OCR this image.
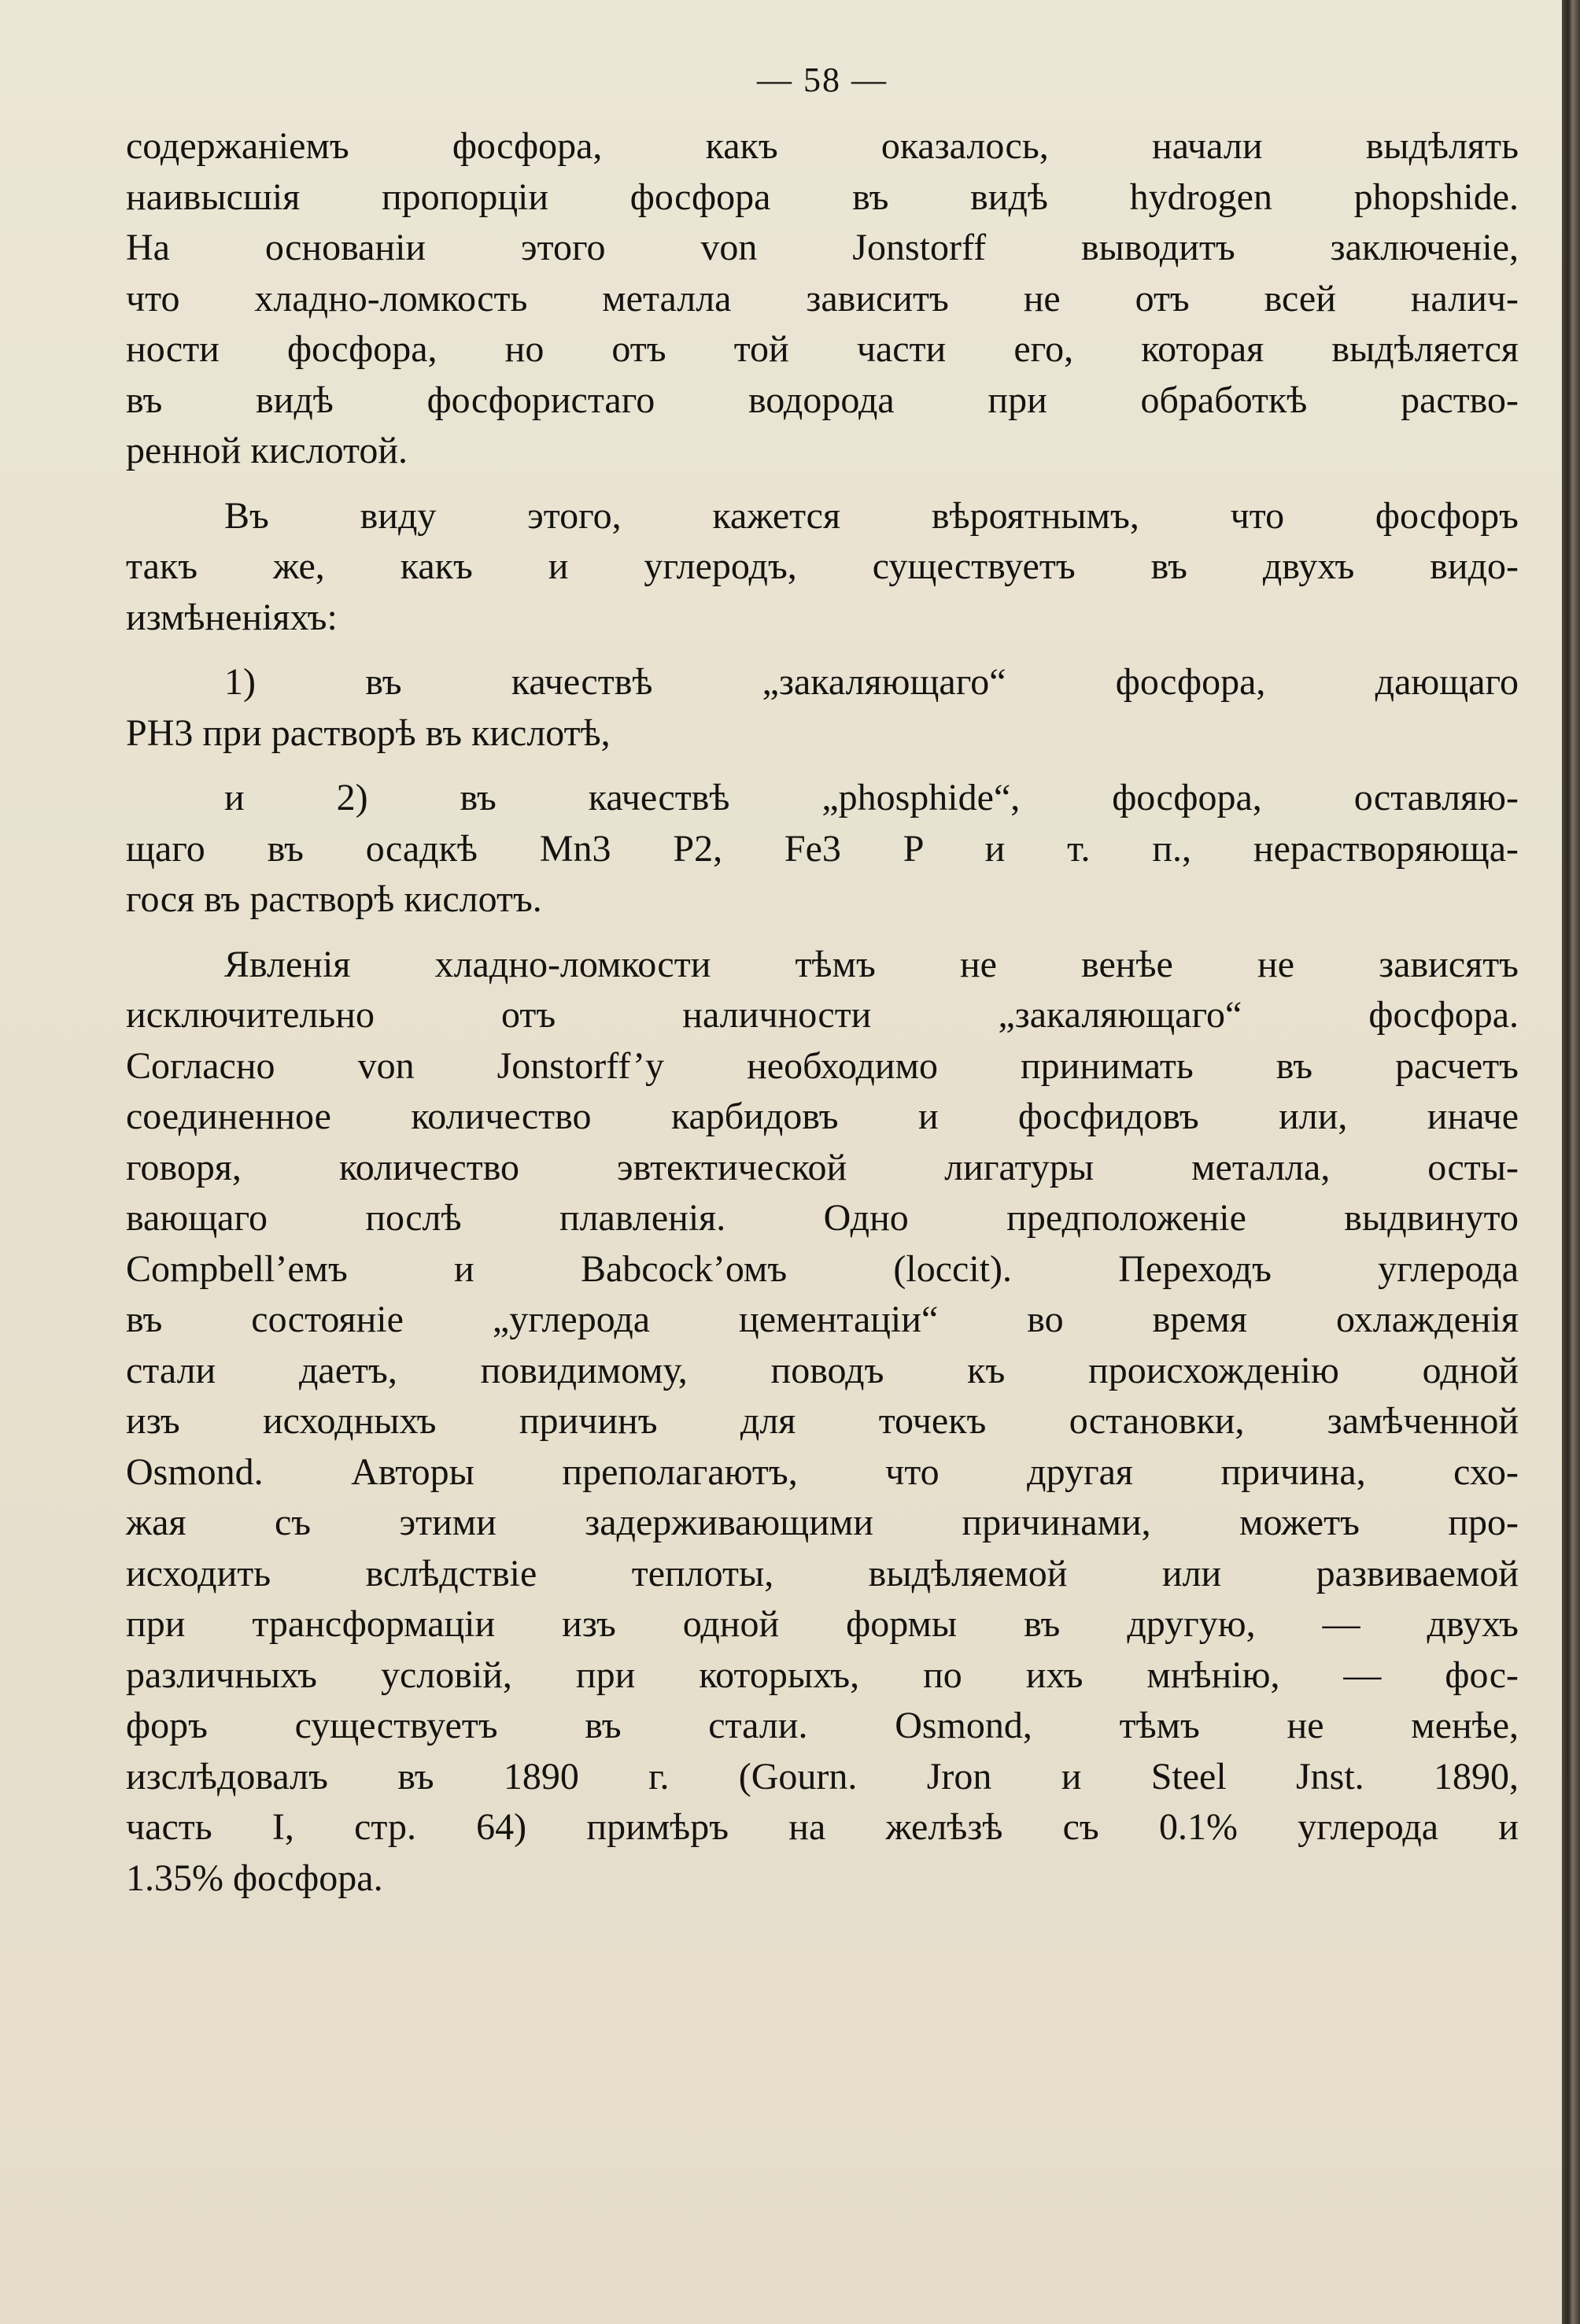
— 58 —

содержаніемъ фосфора, какъ оказалось, начали выдѣлять
наивысшія пропорціи фосфора въ видѣ hydrogen phopshide.
На основаніи этого von Jonstorff выводитъ заключеніе,
что хладно-ломкость металла зависитъ не отъ всей налич-
ности фосфора, но отъ той части его, которая выдѣляется
въ видѣ фосфористаго водорода при обработкѣ раство-
ренной кислотой.

Въ виду этого, кажется вѣроятнымъ, что фосфоръ
такъ же, какъ и углеродъ, существуетъ въ двухъ видо-
измѣненіяхъ:

1) въ качествѣ „закаляющаго“ фосфора, дающаго
PH3 при растворѣ въ кислотѣ,

и 2) въ качествѣ „phosphide“, фосфора, оставляю-
щаго въ осадкѣ Mn3 P2, Fe3 P и т. п., нерастворяюща-
гося въ растворѣ кислотъ.

Явленія хладно-ломкости тѣмъ не венѣе не зависятъ
исключительно отъ наличности „закаляющаго“ фосфора.
Согласно von Jonstorff’у необходимо принимать въ расчетъ
соединенное количество карбидовъ и фосфидовъ или, иначе
говоря, количество эвтектической лигатуры металла, осты-
вающаго послѣ плавленія. Одно предположеніе выдвинуто
Compbell’емъ и Babcock’омъ (loccit). Переходъ углерода
въ состояніе „углерода цементаціи“ во время охлажденія
стали даетъ, повидимому, поводъ къ происхожденію одной
изъ исходныхъ причинъ для точекъ остановки, замѣченной
Osmond. Авторы преполагаютъ, что другая причина, схо-
жая съ этими задерживающими причинами, можетъ про-
исходить вслѣдствіе теплоты, выдѣляемой или развиваемой
при трансформаціи изъ одной формы въ другую, — двухъ
различныхъ условій, при которыхъ, по ихъ мнѣнію, — фос-
форъ существуетъ въ стали. Osmond, тѣмъ не менѣе,
изслѣдовалъ въ 1890 г. (Gourn. Jron и Steel Jnst. 1890,
часть I, стр. 64) примѣръ на желѣзѣ съ 0.1% углерода и
1.35% фосфора.
